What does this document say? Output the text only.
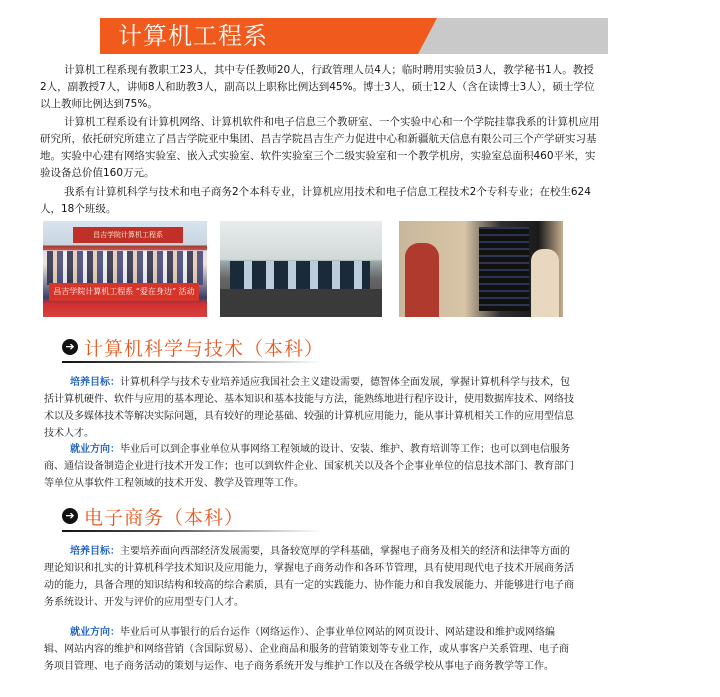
计算机工程系
计算机工程系现有教职工23人，其中专任教师20人，行政管理人员4人；临时聘用实验员3人，教学秘书1人。教授2人，副教授7人，讲师8人和助教3人，副高以上职称比例达到45%。博士3人，硕士12人（含在读博士3人），硕士学位以上教师比例达到75%。
计算机工程系设有计算机网络、计算机软件和电子信息三个教研室、一个实验中心和一个学院挂靠我系的计算机应用研究所，依托研究所建立了昌吉学院亚中集团、昌吉学院昌吉生产力促进中心和新疆航天信息有限公司三个产学研实习基地。实验中心建有网络实验室、嵌入式实验室、软件实验室三个二级实验室和一个教学机房，实验室总面积460平米，实验设备总价值160万元。
我系有计算机科学与技术和电子商务2个本科专业，计算机应用技术和电子信息工程技术2个专科专业；在校生624人，18个班级。
昌吉学院计算机工程系
昌吉学院计算机工程系 “爱在身边” 活动
➔ 计算机科学与技术（本科）
培养目标：计算机科学与技术专业培养适应我国社会主义建设需要，德智体全面发展，掌握计算机科学与技术，包括计算机硬件、软件与应用的基本理论、基本知识和基本技能与方法，能熟练地进行程序设计，使用数据库技术、网络技术以及多媒体技术等解决实际问题，具有较好的理论基础、较强的计算机应用能力，能从事计算机相关工作的应用型信息技术人才。
就业方向：毕业后可以到企事业单位从事网络工程领域的设计、安装、维护、教育培训等工作；也可以到电信服务商、通信设备制造企业进行技术开发工作；也可以到软件企业、国家机关以及各个企事业单位的信息技术部门、教育部门等单位从事软件工程领域的技术开发、教学及管理等工作。
➔ 电子商务（本科）
培养目标：主要培养面向西部经济发展需要，具备较宽厚的学科基础，掌握电子商务及相关的经济和法律等方面的理论知识和扎实的计算机科学技术知识及应用能力，掌握电子商务动作和各环节管理，具有使用现代电子技术开展商务活动的能力，具备合理的知识结构和较高的综合素质，具有一定的实践能力、协作能力和自我发展能力、并能够进行电子商务系统设计、开发与评价的应用型专门人才。
就业方向：毕业后可从事银行的后台运作（网络运作）、企事业单位网站的网页设计、网站建设和维护或网络编辑、网站内容的维护和网络营销（含国际贸易）、企业商品和服务的营销策划等专业工作，或从事客户关系管理、电子商务项目管理、电子商务活动的策划与运作、电子商务系统开发与维护工作以及在各级学校从事电子商务教学等工作。
